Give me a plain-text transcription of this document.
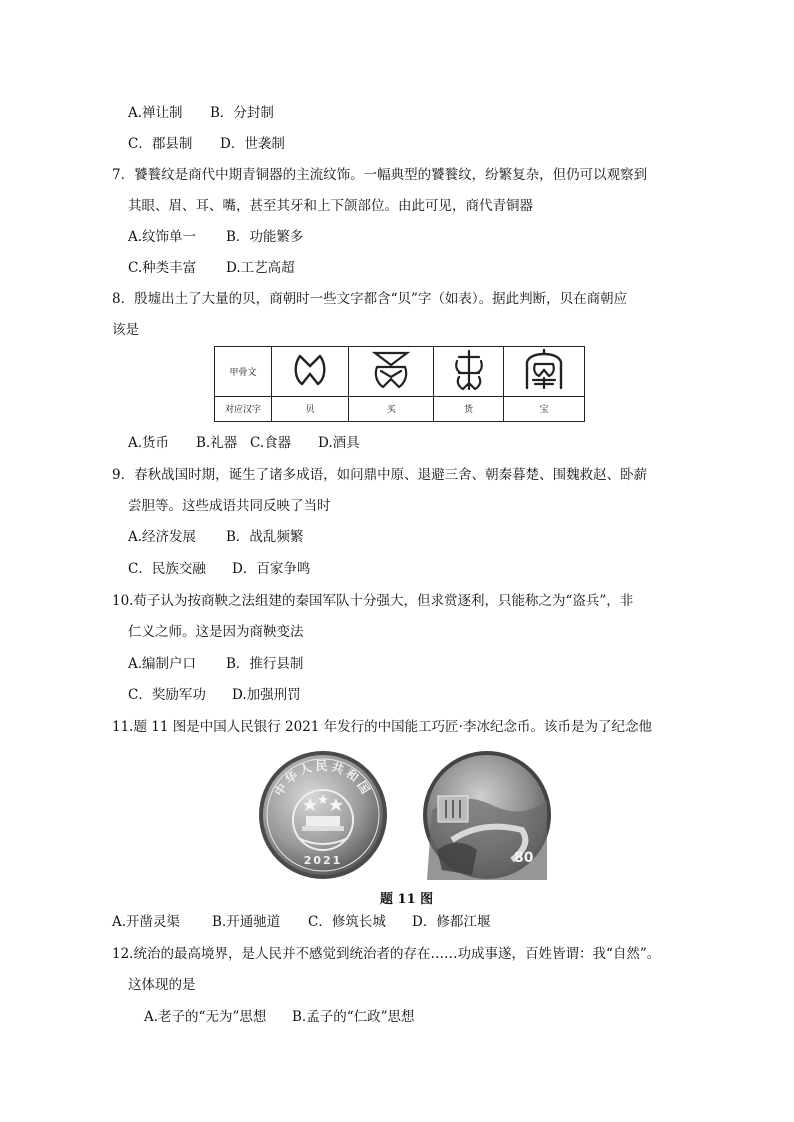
A.禅让制 B．分封制
C．郡县制 D．世袭制
7．饕餮纹是商代中期青铜器的主流纹饰。一幅典型的饕餮纹，纷繁复杂，但仍可以观察到
其眼、眉、耳、嘴，甚至其牙和上下颌部位。由此可见，商代青铜器
A.纹饰单一 B．功能繁多
C.种类丰富 D.工艺高超
8．殷墟出土了大量的贝，商朝时一些文字都含“贝”字（如表）。据此判断，贝在商朝应
该是
甲骨文				
对应汉字	贝	买	货	宝
A.货币 B.礼器 C.食器 D.酒具
9．春秋战国时期，诞生了诸多成语，如问鼎中原、退避三舍、朝秦暮楚、围魏救赵、卧薪
尝胆等。这些成语共同反映了当时
A.经济发展 B．战乱频繁
C．民族交融 D．百家争鸣
10.荀子认为按商鞅之法组建的秦国军队十分强大，但求赏逐利，只能称之为“盗兵”，非
仁义之师。这是因为商鞅变法
A.编制户口 B．推行县制
C．奖励军功 D.加强刑罚
11.题 11 图是中国人民银行 2021 年发行的中国能工巧匠·李冰纪念币。该币是为了纪念他
中华人民共和国
2021	80
题 11 图
A.开凿灵渠 B.开通驰道 C．修筑长城 D．修都江堰
12.统治的最高境界，是人民并不感觉到统治者的存在……功成事遂，百姓皆谓：我“自然”。
这体现的是
A.老子的“无为”思想 B.孟子的“仁政”思想
